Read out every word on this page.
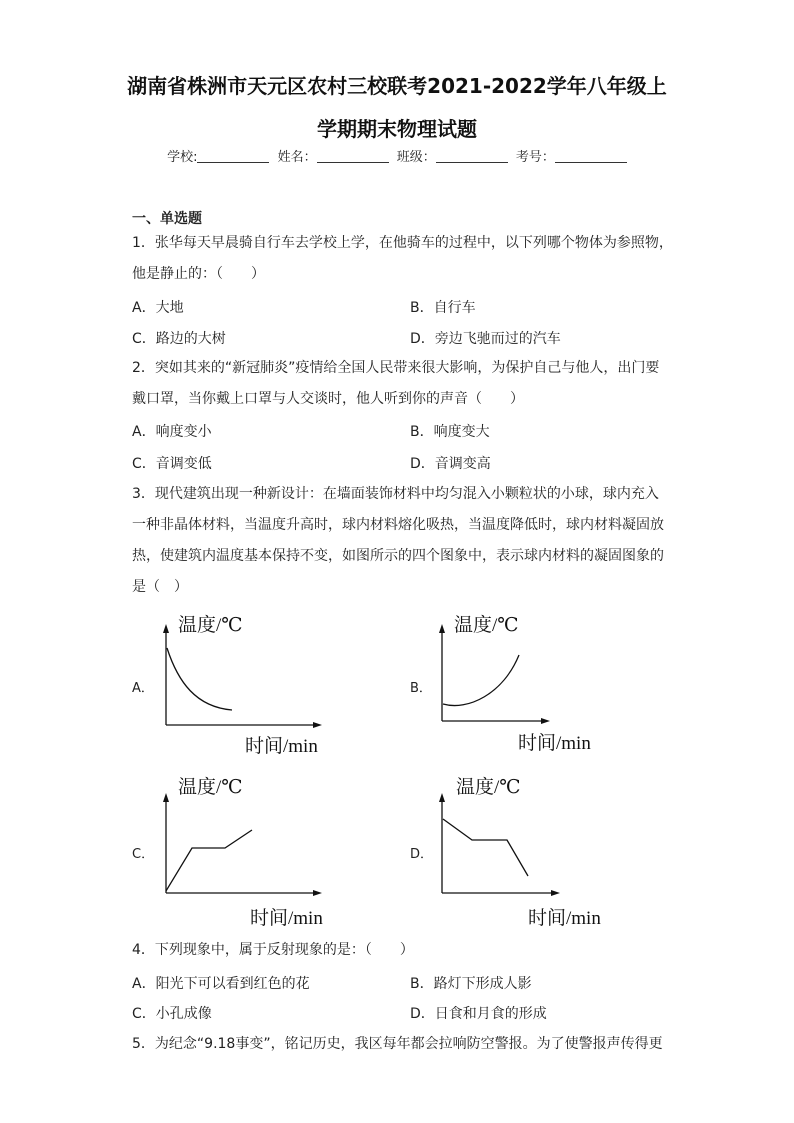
湖南省株洲市天元区农村三校联考2021-2022学年八年级上
学期期末物理试题
学校:	姓名：	班级：	考号：
一、单选题
1．张华每天早晨骑自行车去学校上学，在他骑车的过程中，以下列哪个物体为参照物，
他是静止的：（　　）
A．大地	B．自行车
C．路边的大树	D．旁边飞驰而过的汽车
2．突如其来的“新冠肺炎”疫情给全国人民带来很大影响，为保护自己与他人，出门要
戴口罩，当你戴上口罩与人交谈时，他人听到你的声音（　　）
A．响度变小	B．响度变大
C．音调变低	D．音调变高
3．现代建筑出现一种新设计：在墙面装饰材料中均匀混入小颗粒状的小球，球内充入
一种非晶体材料，当温度升高时，球内材料熔化吸热，当温度降低时，球内材料凝固放
热，使建筑内温度基本保持不变，如图所示的四个图象中，表示球内材料的凝固图象的
是（　）
A．	B．
C．	D．
温度/℃
时间/min
温度/℃
时间/min
温度/℃
时间/min
温度/℃
时间/min
4．下列现象中，属于反射现象的是：（　　）
A．阳光下可以看到红色的花	B．路灯下形成人影
C．小孔成像	D．日食和月食的形成
5．为纪念“9.18事变”，铭记历史，我区每年都会拉响防空警报。为了使警报声传得更
